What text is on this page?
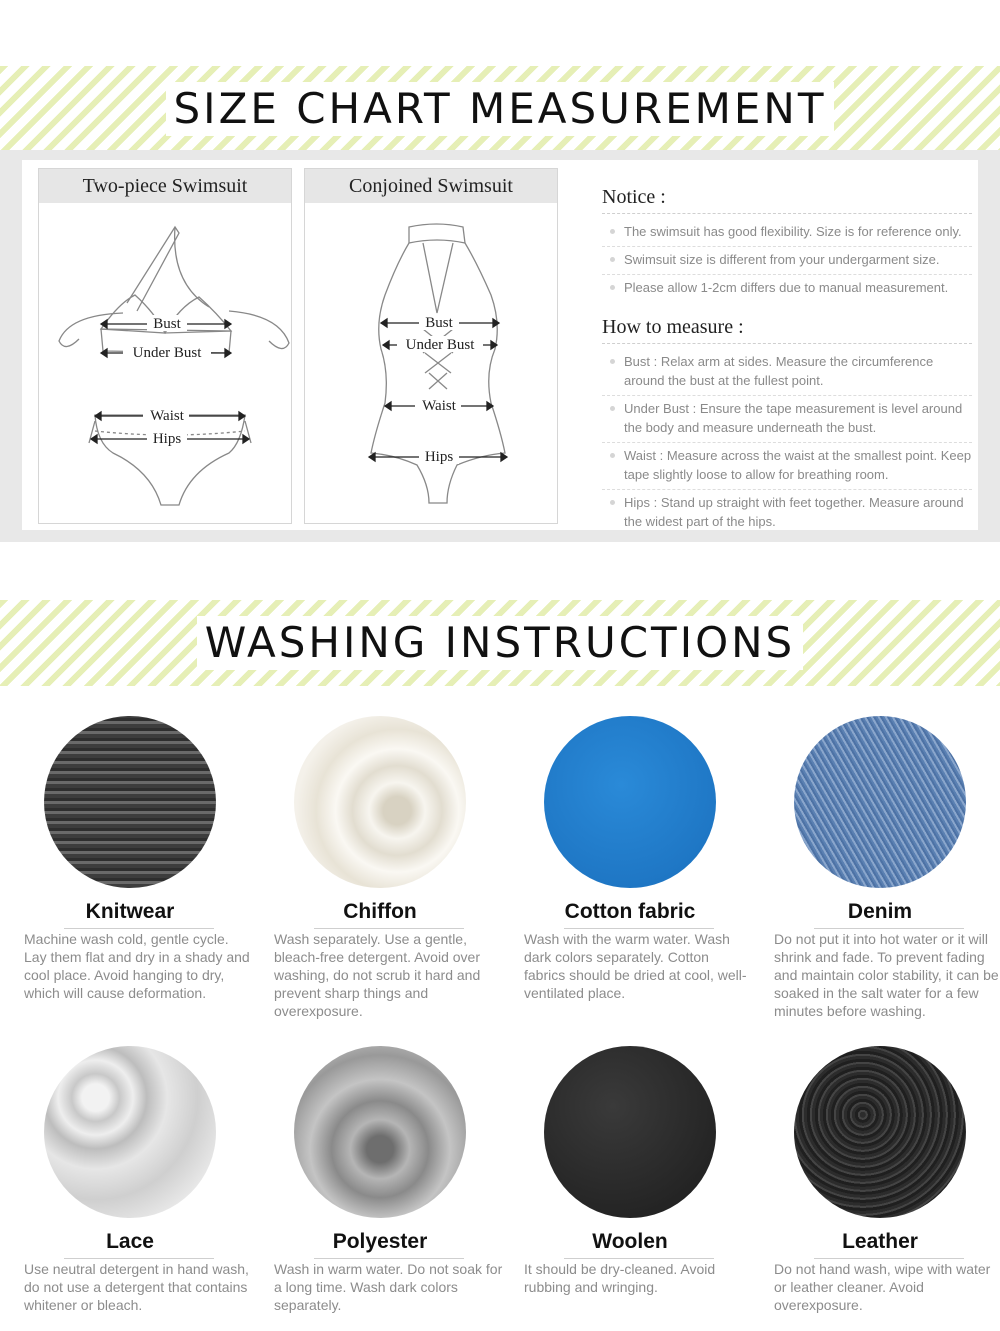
SIZE CHART MEASUREMENT
Two-piece Swimsuit
Bust
Under Bust
Waist
Hips
Conjoined Swimsuit
Bust
Under Bust
Waist
Hips
Notice :
The swimsuit has good flexibility. Size is for reference only.
Swimsuit size is different from your undergarment size.
Please allow 1-2cm differs due to manual measurement.
How to measure :
Bust : Relax arm at sides. Measure the circumference around the bust at the fullest point.
Under Bust : Ensure the tape measurement is level around the body and measure underneath the bust.
Waist : Measure across the waist at the smallest point. Keep tape slightly loose to allow for breathing room.
Hips : Stand up straight with feet together. Measure around the widest part of the hips.
WASHING INSTRUCTIONS
Knitwear
Machine wash cold, gentle cycle. Lay them flat and dry in a shady and cool place. Avoid hanging to dry, which will cause deformation.
Chiffon
Wash separately. Use a gentle, bleach-free detergent. Avoid over washing, do not scrub it hard and prevent sharp things and overexposure.
Cotton fabric
Wash with the warm water. Wash dark colors separately. Cotton fabrics should be dried at cool, well-ventilated place.
Denim
Do not put it into hot water or it will shrink and fade. To prevent fading and maintain color stability, it can be soaked in the salt water for a few minutes before washing.
Lace
Use neutral detergent in hand wash, do not use a detergent that contains whitener or bleach.
Polyester
Wash in warm water. Do not soak for a long time. Wash dark colors separately.
Woolen
It should be dry-cleaned. Avoid rubbing and wringing.
Leather
Do not hand wash, wipe with water or leather cleaner. Avoid overexposure.
